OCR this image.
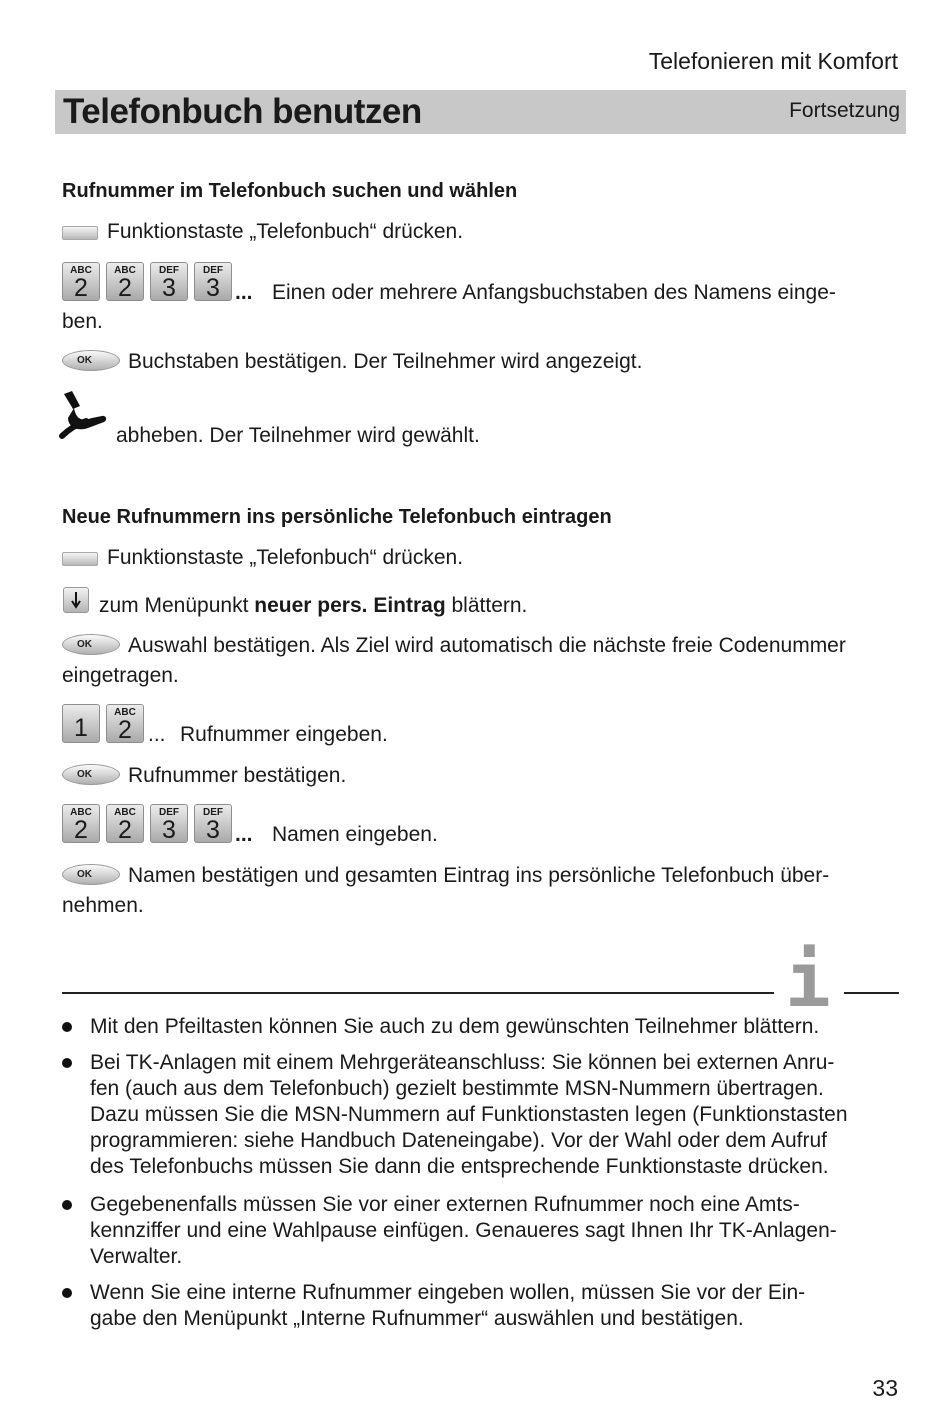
Telefonieren mit Komfort
Telefonbuch benutzen	Fortsetzung
Rufnummer im Telefonbuch suchen und wählen
Funktionstaste „Telefonbuch“ drücken.
ABC
2
ABC
2
DEF
3
DEF
3 ... Einen oder mehrere Anfangsbuchstaben des Namens einge-
ben.
OK	Buchstaben bestätigen. Der Teilnehmer wird angezeigt.
abheben. Der Teilnehmer wird gewählt.
Neue Rufnummern ins persönliche Telefonbuch eintragen
Funktionstaste „Telefonbuch“ drücken.
zum Menüpunkt neuer pers. Eintrag blättern.
OK	Auswahl bestätigen. Als Ziel wird automatisch die nächste freie Codenummer
eingetragen.
1
ABC
2 ... Rufnummer eingeben.
OK	Rufnummer bestätigen.
ABC
2
ABC
2
DEF
3
DEF
3 ... Namen eingeben.
OK	Namen bestätigen und gesamten Eintrag ins persönliche Telefonbuch über-
nehmen.
i
Mit den Pfeiltasten können Sie auch zu dem gewünschten Teilnehmer blättern.
Bei TK-Anlagen mit einem Mehrgeräteanschluss: Sie können bei externen Anru-
fen (auch aus dem Telefonbuch) gezielt bestimmte MSN-Nummern übertragen.
Dazu müssen Sie die MSN-Nummern auf Funktionstasten legen (Funktionstasten
programmieren: siehe Handbuch Dateneingabe). Vor der Wahl oder dem Aufruf
des Telefonbuchs müssen Sie dann die entsprechende Funktionstaste drücken.
Gegebenenfalls müssen Sie vor einer externen Rufnummer noch eine Amts-
kennziffer und eine Wahlpause einfügen. Genaueres sagt Ihnen Ihr TK-Anlagen-
Verwalter.
Wenn Sie eine interne Rufnummer eingeben wollen, müssen Sie vor der Ein-
gabe den Menüpunkt „Interne Rufnummer“ auswählen und bestätigen.
33
